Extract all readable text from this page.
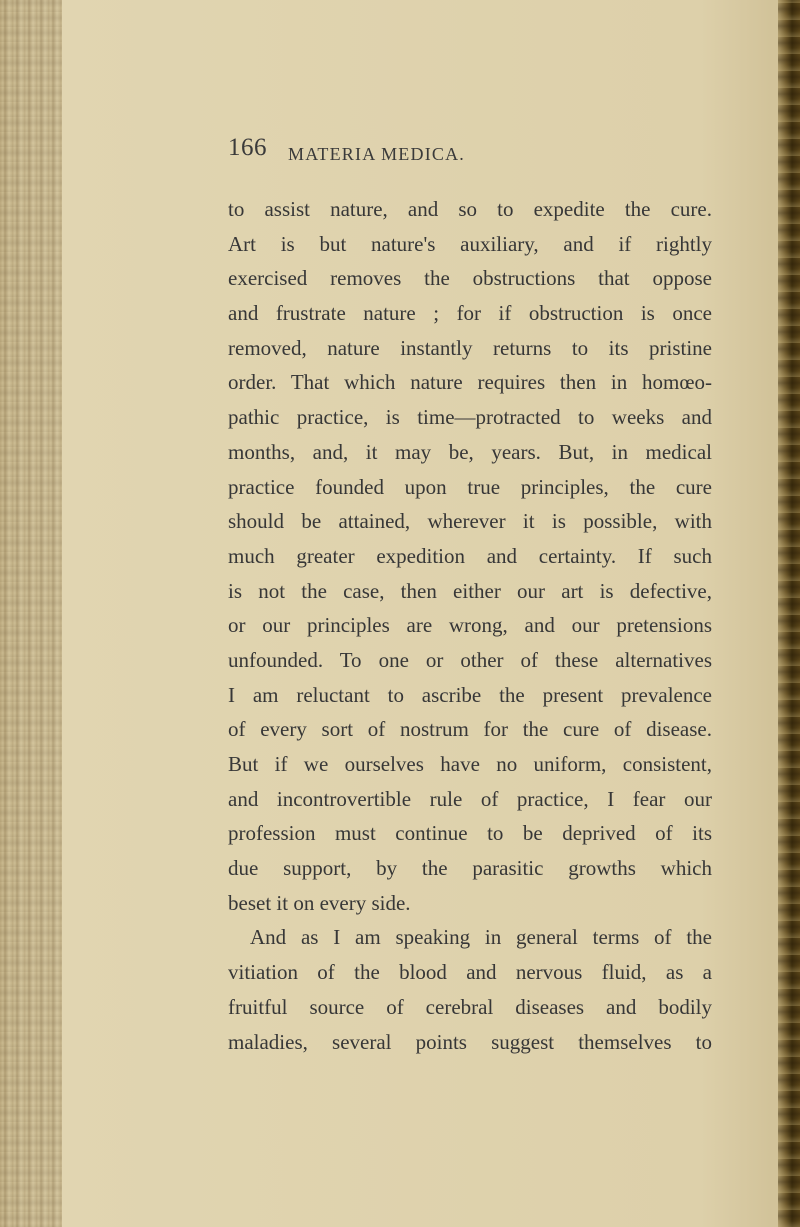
166 MATERIA MEDICA.
to assist nature, and so to expedite the cure.
Art is but nature's auxiliary, and if rightly
exercised removes the obstructions that oppose
and frustrate nature ; for if obstruction is once
removed, nature instantly returns to its pristine
order. That which nature requires then in homœo-
pathic practice, is time—protracted to weeks and
months, and, it may be, years. But, in medical
practice founded upon true principles, the cure
should be attained, wherever it is possible, with
much greater expedition and certainty. If such
is not the case, then either our art is defective,
or our principles are wrong, and our pretensions
unfounded. To one or other of these alternatives
I am reluctant to ascribe the present prevalence
of every sort of nostrum for the cure of disease.
But if we ourselves have no uniform, consistent,
and incontrovertible rule of practice, I fear our
profession must continue to be deprived of its
due support, by the parasitic growths which
beset it on every side.
And as I am speaking in general terms of the
vitiation of the blood and nervous fluid, as a
fruitful source of cerebral diseases and bodily
maladies, several points suggest themselves to
